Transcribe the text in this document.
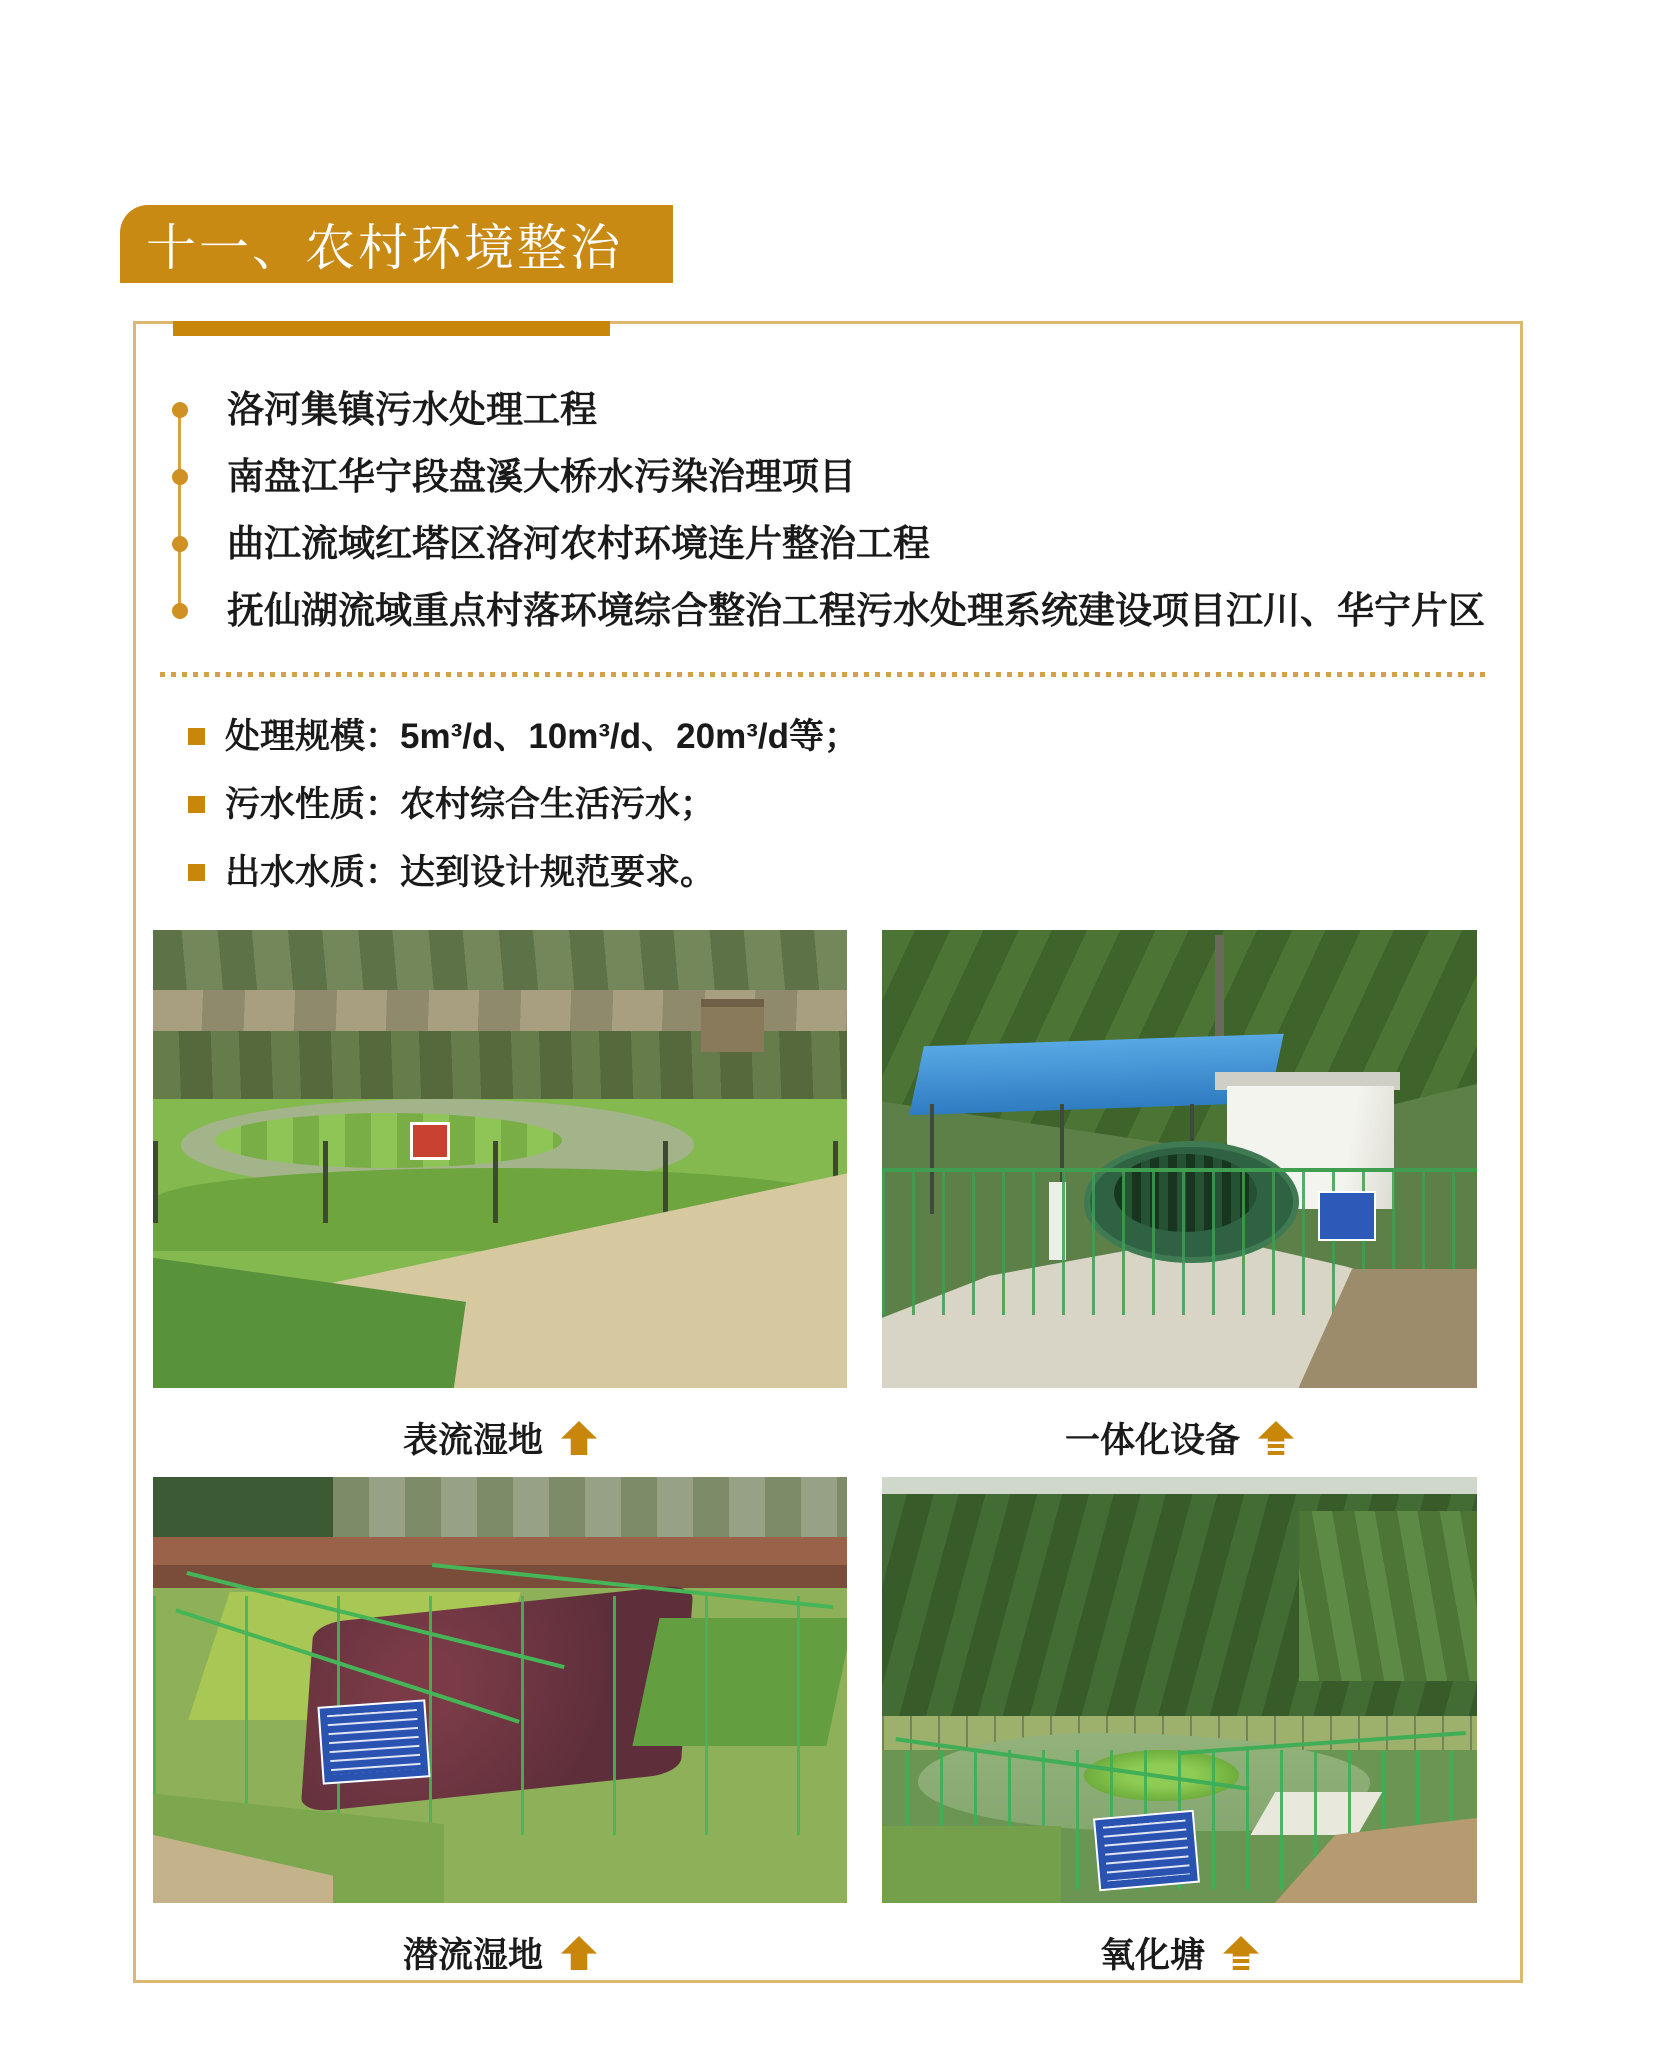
十一、农村环境整治
洛河集镇污水处理工程
南盘江华宁段盘溪大桥水污染治理项目
曲江流域红塔区洛河农村环境连片整治工程
抚仙湖流域重点村落环境综合整治工程污水处理系统建设项目江川、华宁片区
处理规模：5m³/d、10m³/d、20m³/d等；
污水性质：农村综合生活污水；
出水水质：达到设计规范要求。
表流湿地	一体化设备
潜流湿地	氧化塘
